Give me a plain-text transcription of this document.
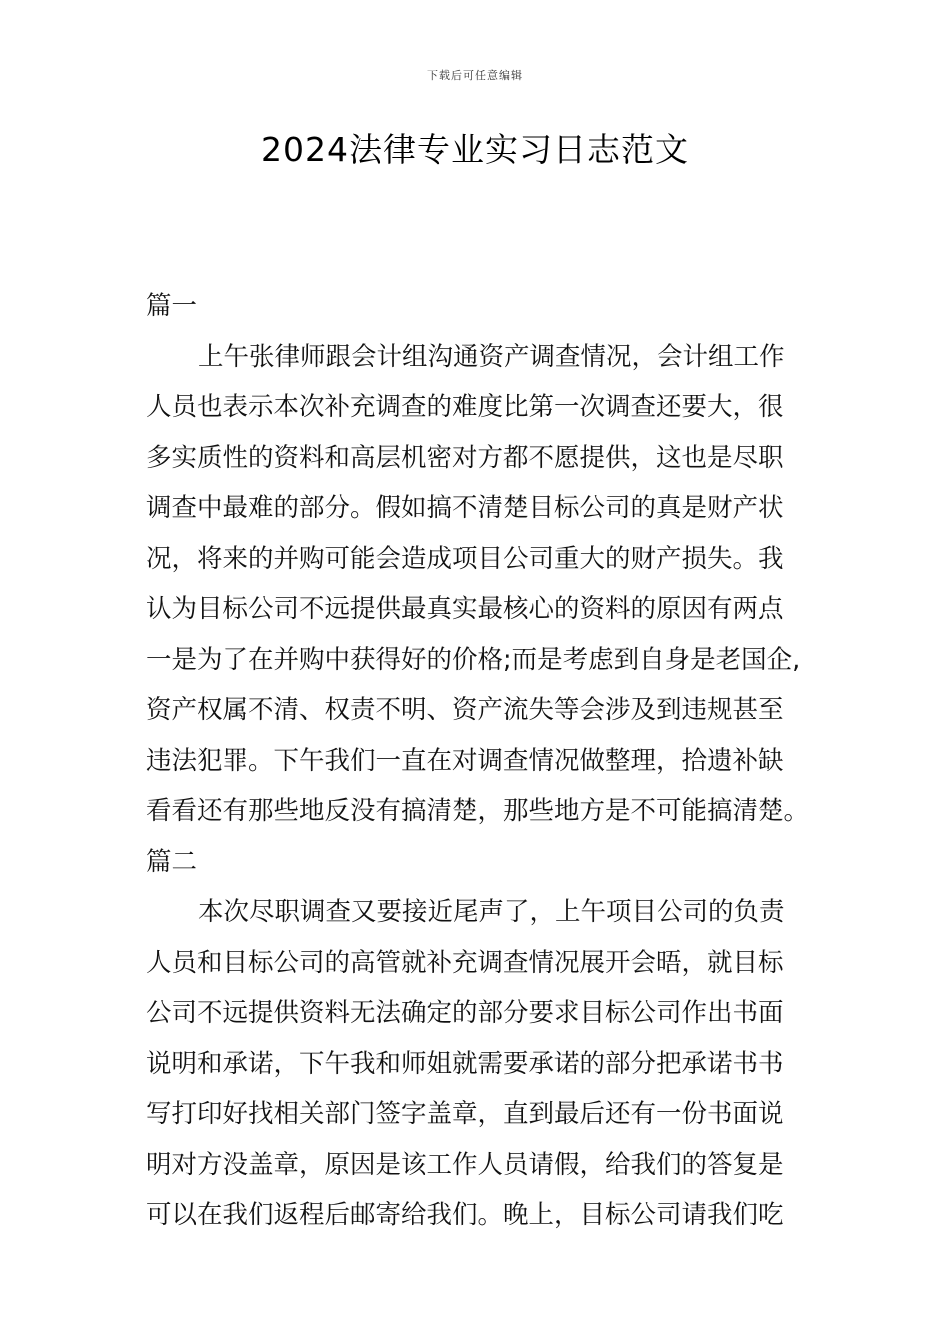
下载后可任意编辑
2024法律专业实习日志范文

篇一

上午张律师跟会计组沟通资产调查情况，会计组工作

人员也表示本次补充调查的难度比第一次调查还要大，很

多实质性的资料和高层机密对方都不愿提供，这也是尽职

调查中最难的部分。假如搞不清楚目标公司的真是财产状

况，将来的并购可能会造成项目公司重大的财产损失。我

认为目标公司不远提供最真实最核心的资料的原因有两点

一是为了在并购中获得好的价格;而是考虑到自身是老国企,

资产权属不清、权责不明、资产流失等会涉及到违规甚至

违法犯罪。下午我们一直在对调查情况做整理，拾遗补缺

看看还有那些地反没有搞清楚，那些地方是不可能搞清楚。

篇二

本次尽职调查又要接近尾声了，上午项目公司的负责

人员和目标公司的高管就补充调查情况展开会晤，就目标

公司不远提供资料无法确定的部分要求目标公司作出书面

说明和承诺，下午我和师姐就需要承诺的部分把承诺书书

写打印好找相关部门签字盖章，直到最后还有一份书面说

明对方没盖章，原因是该工作人员请假，给我们的答复是

可以在我们返程后邮寄给我们。晚上，目标公司请我们吃
